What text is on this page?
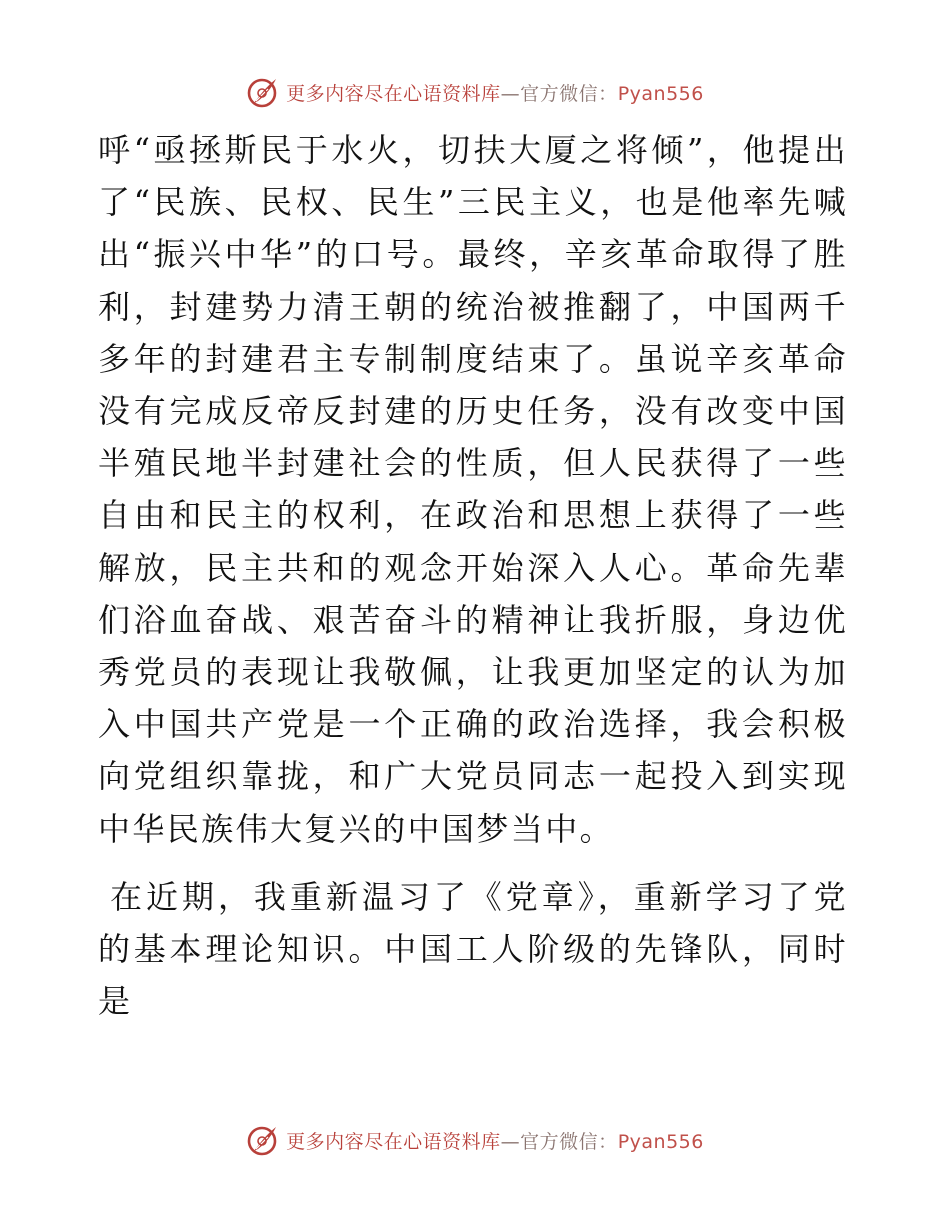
更多内容尽在心语资料库—官方微信：Pyan556

呼“亟拯斯民于水火，切扶大厦之将倾”，他提出了“民族、民权、民生”三民主义，也是他率先喊出“振兴中华”的口号。最终，辛亥革命取得了胜利，封建势力清王朝的统治被推翻了，中国两千多年的封建君主专制制度结束了。虽说辛亥革命没有完成反帝反封建的历史任务，没有改变中国半殖民地半封建社会的性质，但人民获得了一些自由和民主的权利，在政治和思想上获得了一些解放，民主共和的观念开始深入人心。革命先辈们浴血奋战、艰苦奋斗的精神让我折服，身边优秀党员的表现让我敬佩，让我更加坚定的认为加入中国共产党是一个正确的政治选择，我会积极向党组织靠拢，和广大党员同志一起投入到实现中华民族伟大复兴的中国梦当中。

在近期，我重新温习了《党章》，重新学习了党的基本理论知识。中国工人阶级的先锋队，同时是

更多内容尽在心语资料库—官方微信：Pyan556
